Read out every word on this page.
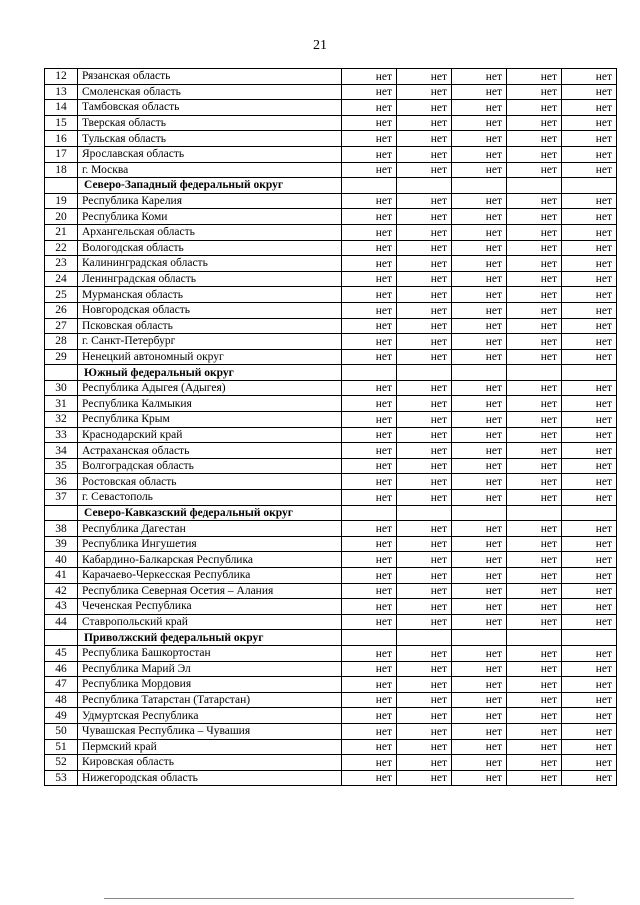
21
12	Рязанская область	нет	нет	нет	нет	нет
13	Смоленская область	нет	нет	нет	нет	нет
14	Тамбовская область	нет	нет	нет	нет	нет
15	Тверская область	нет	нет	нет	нет	нет
16	Тульская область	нет	нет	нет	нет	нет
17	Ярославская область	нет	нет	нет	нет	нет
18	г. Москва	нет	нет	нет	нет	нет
	Северо-Западный федеральный округ					
19	Республика Карелия	нет	нет	нет	нет	нет
20	Республика Коми	нет	нет	нет	нет	нет
21	Архангельская область	нет	нет	нет	нет	нет
22	Вологодская область	нет	нет	нет	нет	нет
23	Калининградская область	нет	нет	нет	нет	нет
24	Ленинградская область	нет	нет	нет	нет	нет
25	Мурманская область	нет	нет	нет	нет	нет
26	Новгородская область	нет	нет	нет	нет	нет
27	Псковская область	нет	нет	нет	нет	нет
28	г. Санкт-Петербург	нет	нет	нет	нет	нет
29	Ненецкий автономный округ	нет	нет	нет	нет	нет
	Южный федеральный округ					
30	Республика Адыгея (Адыгея)	нет	нет	нет	нет	нет
31	Республика Калмыкия	нет	нет	нет	нет	нет
32	Республика Крым	нет	нет	нет	нет	нет
33	Краснодарский край	нет	нет	нет	нет	нет
34	Астраханская область	нет	нет	нет	нет	нет
35	Волгоградская область	нет	нет	нет	нет	нет
36	Ростовская область	нет	нет	нет	нет	нет
37	г. Севастополь	нет	нет	нет	нет	нет
	Северо-Кавказский федеральный округ					
38	Республика Дагестан	нет	нет	нет	нет	нет
39	Республика Ингушетия	нет	нет	нет	нет	нет
40	Кабардино-Балкарская Республика	нет	нет	нет	нет	нет
41	Карачаево-Черкесская Республика	нет	нет	нет	нет	нет
42	Республика Северная Осетия – Алания	нет	нет	нет	нет	нет
43	Чеченская Республика	нет	нет	нет	нет	нет
44	Ставропольский край	нет	нет	нет	нет	нет
	Приволжский федеральный округ					
45	Республика Башкортостан	нет	нет	нет	нет	нет
46	Республика Марий Эл	нет	нет	нет	нет	нет
47	Республика Мордовия	нет	нет	нет	нет	нет
48	Республика Татарстан (Татарстан)	нет	нет	нет	нет	нет
49	Удмуртская Республика	нет	нет	нет	нет	нет
50	Чувашская Республика – Чувашия	нет	нет	нет	нет	нет
51	Пермский край	нет	нет	нет	нет	нет
52	Кировская область	нет	нет	нет	нет	нет
53	Нижегородская область	нет	нет	нет	нет	нет
